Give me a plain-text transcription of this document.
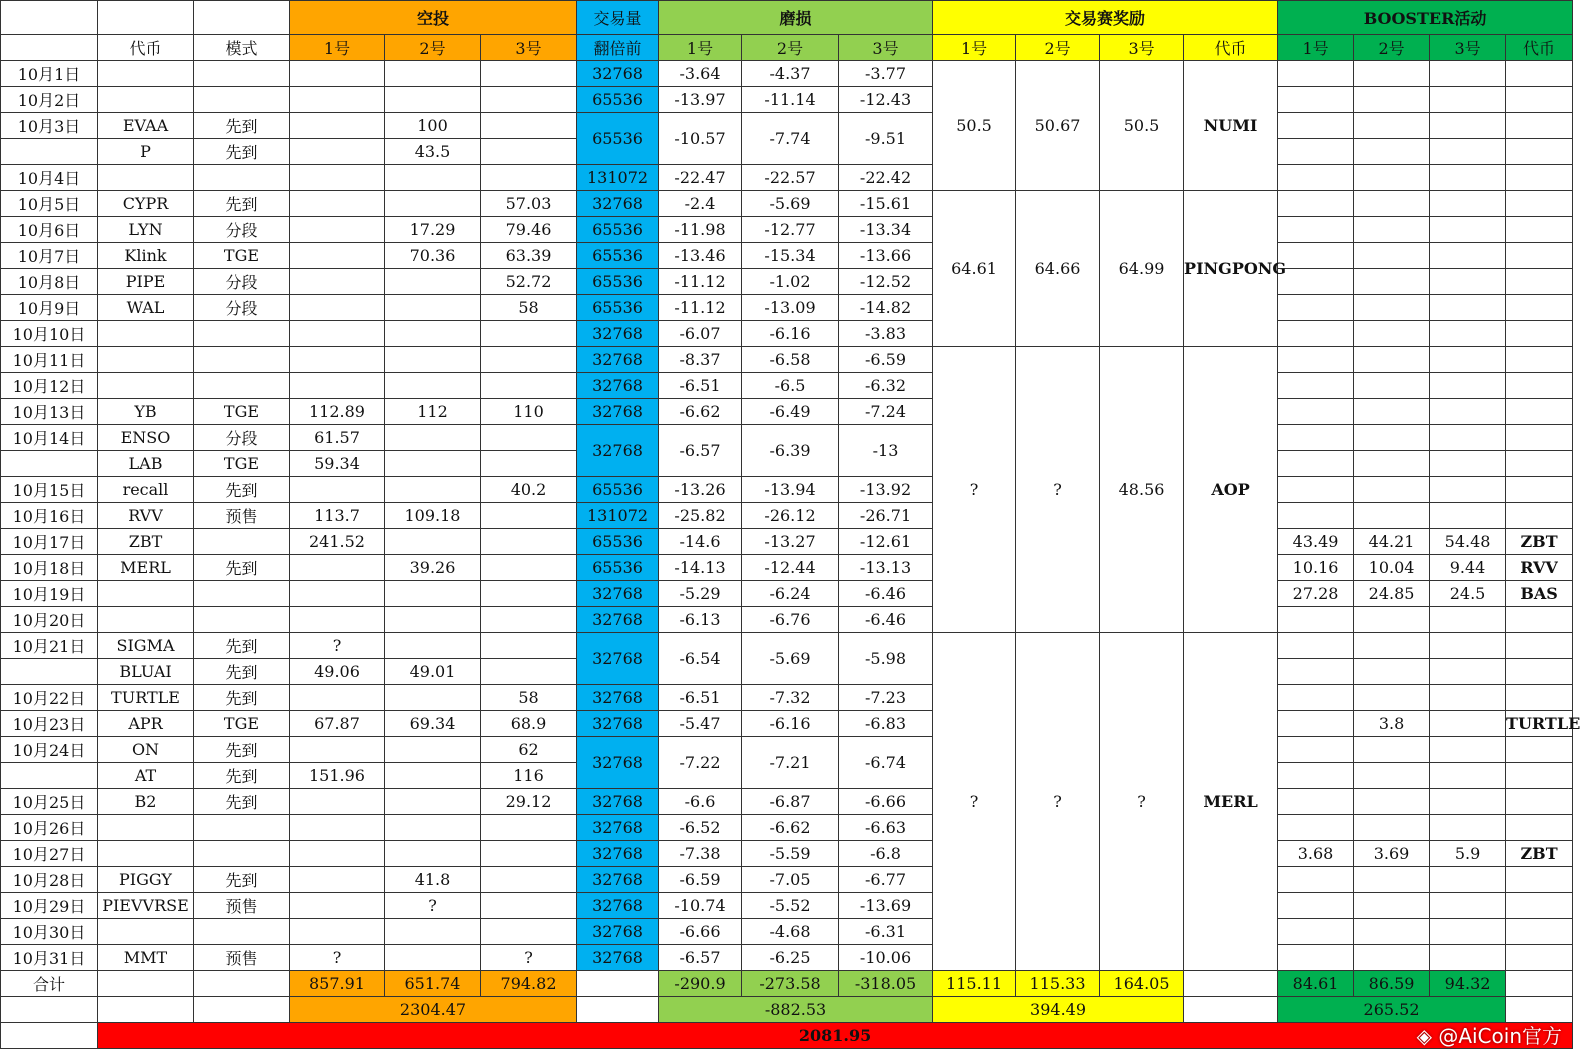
			空投			交易量	磨损			交易赛奖励				BOOSTER活动			
	代币	模式	1号	2号	3号	翻倍前	1号	2号	3号	1号	2号	3号	代币	1号	2号	3号	代币
10月1日						32768	-3.64	-4.37	-3.77	50.5	50.67	50.5	NUMI				
10月2日						65536	-13.97	-11.14	-12.43								
10月3日	EVAA	先到		100		65536	-10.57	-7.74	-9.51								
	P	先到		43.5													
10月4日						131072	-22.47	-22.57	-22.42								
10月5日	CYPR	先到			57.03	32768	-2.4	-5.69	-15.61	64.61	64.66	64.99	PINGPONG				
10月6日	LYN	分段		17.29	79.46	65536	-11.98	-12.77	-13.34								
10月7日	Klink	TGE		70.36	63.39	65536	-13.46	-15.34	-13.66								
10月8日	PIPE	分段			52.72	65536	-11.12	-1.02	-12.52								
10月9日	WAL	分段			58	65536	-11.12	-13.09	-14.82								
10月10日						32768	-6.07	-6.16	-3.83								
10月11日						32768	-8.37	-6.58	-6.59	?	?	48.56	AOP				
10月12日						32768	-6.51	-6.5	-6.32								
10月13日	YB	TGE	112.89	112	110	32768	-6.62	-6.49	-7.24								
10月14日	ENSO	分段	61.57			32768	-6.57	-6.39	-13								
	LAB	TGE	59.34														
10月15日	recall	先到			40.2	65536	-13.26	-13.94	-13.92								
10月16日	RVV	预售	113.7	109.18		131072	-25.82	-26.12	-26.71								
10月17日	ZBT		241.52			65536	-14.6	-13.27	-12.61					43.49	44.21	54.48	ZBT
10月18日	MERL	先到		39.26		65536	-14.13	-12.44	-13.13					10.16	10.04	9.44	RVV
10月19日						32768	-5.29	-6.24	-6.46					27.28	24.85	24.5	BAS
10月20日						32768	-6.13	-6.76	-6.46								
10月21日	SIGMA	先到	?			32768	-6.54	-5.69	-5.98	?	?	?	MERL				
	BLUAI	先到	49.06	49.01													
10月22日	TURTLE	先到			58	32768	-6.51	-7.32	-7.23								
10月23日	APR	TGE	67.87	69.34	68.9	32768	-5.47	-6.16	-6.83						3.8		TURTLE
10月24日	ON	先到			62	32768	-7.22	-7.21	-6.74								
	AT	先到	151.96		116												
10月25日	B2	先到			29.12	32768	-6.6	-6.87	-6.66								
10月26日						32768	-6.52	-6.62	-6.63								
10月27日						32768	-7.38	-5.59	-6.8					3.68	3.69	5.9	ZBT
10月28日	PIGGY	先到		41.8		32768	-6.59	-7.05	-6.77								
10月29日	PIEVVRSE	预售		?		32768	-10.74	-5.52	-13.69								
10月30日						32768	-6.66	-4.68	-6.31								
10月31日	MMT	预售	?		?	32768	-6.57	-6.25	-10.06								
合计			857.91	651.74	794.82		-290.9	-273.58	-318.05	115.11	115.33	164.05		84.61	86.59	94.32	
			2304.47				-882.53			394.49				265.52			
	2081.95																	◈ @AiCoin官方
